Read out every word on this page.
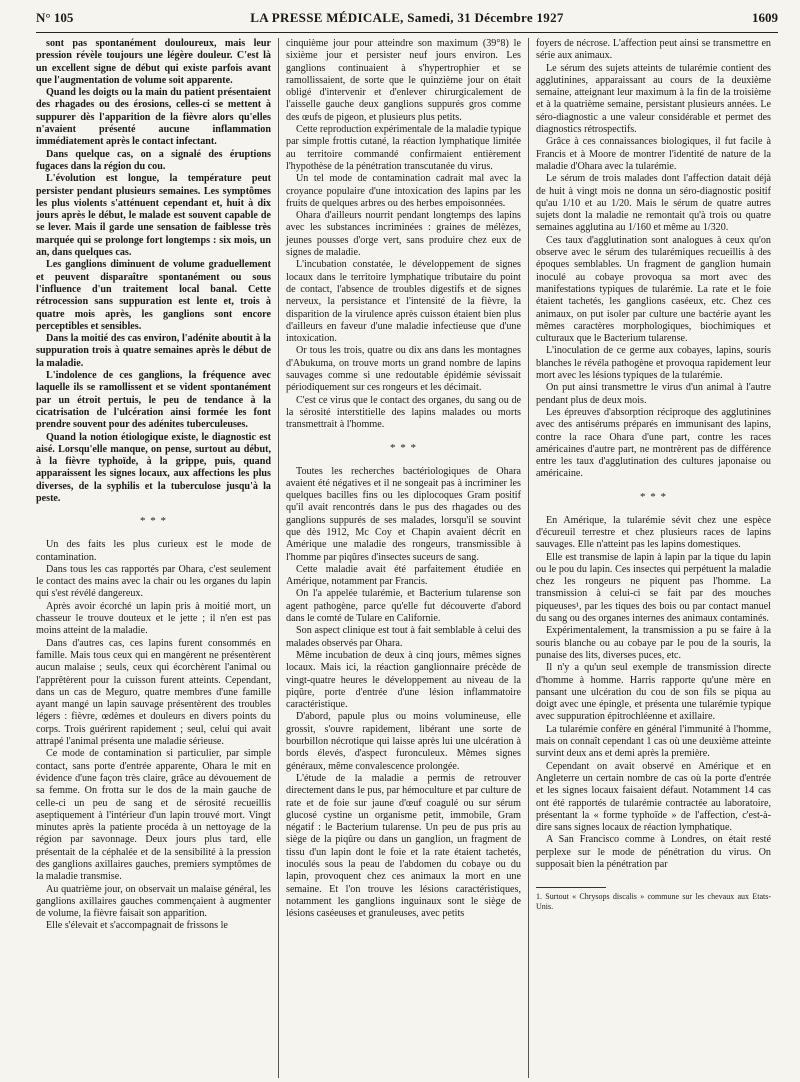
N° 105	LA PRESSE MÉDICALE, Samedi, 31 Décembre 1927	1609

sont pas spontanément douloureux, mais leur pression révèle toujours une légère douleur. C'est là un excellent signe de début qui existe parfois avant que l'augmentation de volume soit apparente.

Quand les doigts ou la main du patient présentaient des rhagades ou des érosions, celles-ci se mettent à suppurer dès l'apparition de la fièvre alors qu'elles n'avaient présenté aucune inflammation immédiatement après le contact infectant.

Dans quelque cas, on a signalé des éruptions fugaces dans la région du cou.

L'évolution est longue, la température peut persister pendant plusieurs semaines. Les symptômes les plus violents s'atténuent cependant et, huit à dix jours après le début, le malade est souvent capable de se lever. Mais il garde une sensation de faiblesse très marquée qui se prolonge fort longtemps : six mois, un an, dans quelques cas.

Les ganglions diminuent de volume graduellement et peuvent disparaître spontanément ou sous l'influence d'un traitement local banal. Cette rétrocession sans suppuration est lente et, trois à quatre mois après, les ganglions sont encore perceptibles et sensibles.

Dans la moitié des cas environ, l'adénite aboutit à la suppuration trois à quatre semaines après le début de la maladie.

L'indolence de ces ganglions, la fréquence avec laquelle ils se ramollissent et se vident spontanément par un étroit pertuis, le peu de tendance à la cicatrisation de l'ulcération ainsi formée les font prendre souvent pour des adénites tuberculeuses.

Quand la notion étiologique existe, le diagnostic est aisé. Lorsqu'elle manque, on pense, surtout au début, à la fièvre typhoïde, à la grippe, puis, quand apparaissent les signes locaux, aux affections les plus diverses, de la syphilis et la tuberculose jusqu'à la peste.

* * *

Un des faits les plus curieux est le mode de contamination.

Dans tous les cas rapportés par Ohara, c'est seulement le contact des mains avec la chair ou les organes du lapin qui s'est révélé dangereux.

Après avoir écorché un lapin pris à moitié mort, un chasseur le trouve douteux et le jette ; il n'en est pas moins atteint de la maladie.

Dans d'autres cas, ces lapins furent consommés en famille. Mais tous ceux qui en mangèrent ne présentèrent aucun malaise ; seuls, ceux qui écorchèrent l'animal ou l'apprêtèrent pour la cuisson furent atteints. Cependant, dans un cas de Meguro, quatre membres d'une famille ayant mangé un lapin sauvage présentèrent des troubles légers : fièvre, œdèmes et douleurs en divers points du corps. Trois guérirent rapidement ; seul, celui qui avait attrapé l'animal présenta une maladie sérieuse.

Ce mode de contamination si particulier, par simple contact, sans porte d'entrée apparente, Ohara le mit en évidence d'une façon très claire, grâce au dévouement de sa femme. On frotta sur le dos de la main gauche de celle-ci un peu de sang et de sérosité recueillis aseptiquement à l'intérieur d'un lapin trouvé mort. Vingt minutes après la patiente procéda à un nettoyage de la région par savonnage. Deux jours plus tard, elle présentait de la céphalée et de la sensibilité à la pression des ganglions axillaires gauches, premiers symptômes de la maladie transmise.

Au quatrième jour, on observait un malaise général, les ganglions axillaires gauches commençaient à augmenter de volume, la fièvre faisait son apparition.

Elle s'élevait et s'accompagnait de frissons le

cinquième jour pour atteindre son maximum (39°8) le sixième jour et persister neuf jours environ. Les ganglions continuaient à s'hypertrophier et se ramollissaient, de sorte que le quinzième jour on était obligé d'intervenir et d'enlever chirurgicalement de l'aisselle gauche deux ganglions suppurés gros comme des œufs de pigeon, et plusieurs plus petits.

Cette reproduction expérimentale de la maladie typique par simple frottis cutané, la réaction lymphatique limitée au territoire commandé confirmaient entièrement l'hypothèse de la pénétration transcutanée du virus.

Un tel mode de contamination cadrait mal avec la croyance populaire d'une intoxication des lapins par les fruits de quelques arbres ou des herbes empoisonnées.

Ohara d'ailleurs nourrit pendant longtemps des lapins avec les substances incriminées : graines de mélèzes, jeunes pousses d'orge vert, sans produire chez eux de signes de maladie.

L'incubation constatée, le développement de signes locaux dans le territoire lymphatique tributaire du point de contact, l'absence de troubles digestifs et de signes nerveux, la persistance et l'intensité de la fièvre, la disparition de la virulence après cuisson étaient bien plus d'ailleurs en faveur d'une maladie infectieuse que d'une intoxication.

Or tous les trois, quatre ou dix ans dans les montagnes d'Abukuma, on trouve morts un grand nombre de lapins sauvages comme si une redoutable épidémie sévissait périodiquement sur ces rongeurs et les décimait.

C'est ce virus que le contact des organes, du sang ou de la sérosité interstitielle des lapins malades ou morts transmettrait à l'homme.

* * *

Toutes les recherches bactériologiques de Ohara avaient été négatives et il ne songeait pas à incriminer les quelques bacilles fins ou les diplocoques Gram positif qu'il avait rencontrés dans le pus des rhagades ou des ganglions suppurés de ses malades, lorsqu'il se souvint que dès 1912, Mc Coy et Chapin avaient décrit en Amérique une maladie des rongeurs, transmissible à l'homme par piqûres d'insectes suceurs de sang.

Cette maladie avait été parfaitement étudiée en Amérique, notamment par Francis.

On l'a appelée tularémie, et Bacterium tularense son agent pathogène, parce qu'elle fut découverte d'abord dans le comté de Tulare en Californie.

Son aspect clinique est tout à fait semblable à celui des malades observés par Ohara.

Même incubation de deux à cinq jours, mêmes signes locaux. Mais ici, la réaction ganglionnaire précède de vingt-quatre heures le développement au niveau de la piqûre, porte d'entrée d'une lésion inflammatoire caractéristique.

D'abord, papule plus ou moins volumineuse, elle grossit, s'ouvre rapidement, libérant une sorte de bourbillon nécrotique qui laisse après lui une ulcération à bords élevés, d'aspect furonculeux. Mêmes signes généraux, même convalescence prolongée.

L'étude de la maladie a permis de retrouver directement dans le pus, par hémoculture et par culture de rate et de foie sur jaune d'œuf coagulé ou sur sérum glucosé cystine un organisme petit, immobile, Gram négatif : le Bacterium tularense. Un peu de pus pris au siège de la piqûre ou dans un ganglion, un fragment de tissu d'un lapin dont le foie et la rate étaient tachetés, inoculés sous la peau de l'abdomen du cobaye ou du lapin, provoquent chez ces animaux la mort en une semaine. Et l'on trouve les lésions caractéristiques, notamment les ganglions inguinaux sont le siège de lésions caséeuses et granuleuses, avec petits

foyers de nécrose. L'affection peut ainsi se transmettre en série aux animaux.

Le sérum des sujets atteints de tularémie contient des agglutinines, apparaissant au cours de la deuxième semaine, atteignant leur maximum à la fin de la troisième et à la quatrième semaine, persistant plusieurs années. Le séro-diagnostic a une valeur considérable et permet des diagnostics rétrospectifs.

Grâce à ces connaissances biologiques, il fut facile à Francis et à Moore de montrer l'identité de nature de la maladie d'Ohara avec la tularémie.

Le sérum de trois malades dont l'affection datait déjà de huit à vingt mois ne donna un séro-diagnostic positif qu'au 1/10 et au 1/20. Mais le sérum de quatre autres sujets dont la maladie ne remontait qu'à trois ou quatre semaines agglutina au 1/160 et même au 1/320.

Ces taux d'agglutination sont analogues à ceux qu'on observe avec le sérum des tularémiques recueillis à des époques semblables. Un fragment de ganglion humain inoculé au cobaye provoqua sa mort avec des manifestations typiques de tularémie. La rate et le foie étaient tachetés, les ganglions caséeux, etc. Chez ces animaux, on put isoler par culture une bactérie ayant les mêmes caractères morphologiques, biochimiques et culturaux que le Bacterium tularense.

L'inoculation de ce germe aux cobayes, lapins, souris blanches le révéla pathogène et provoqua rapidement leur mort avec les lésions typiques de la tularémie.

On put ainsi transmettre le virus d'un animal à l'autre pendant plus de deux mois.

Les épreuves d'absorption réciproque des agglutinines avec des antisérums préparés en immunisant des lapins, contre la race Ohara d'une part, contre les races américaines d'autre part, ne montrèrent pas de différence entre les taux d'agglutination des cultures japonaise ou américaine.

* * *

En Amérique, la tularémie sévit chez une espèce d'écureuil terrestre et chez plusieurs races de lapins sauvages. Elle n'atteint pas les lapins domestiques.

Elle est transmise de lapin à lapin par la tique du lapin ou le pou du lapin. Ces insectes qui perpétuent la maladie chez les rongeurs ne piquent pas l'homme. La transmission à celui-ci se fait par des mouches piqueuses¹, par les tiques des bois ou par contact manuel du sang ou des organes internes des animaux contaminés.

Expérimentalement, la transmission a pu se faire à la souris blanche ou au cobaye par le pou de la souris, la punaise des lits, diverses puces, etc.

Il n'y a qu'un seul exemple de transmission directe d'homme à homme. Harris rapporte qu'une mère en pansant une ulcération du cou de son fils se piqua au doigt avec une épingle, et présenta une tularémie typique avec suppuration épitrochléenne et axillaire.

La tularémie confère en général l'immunité à l'homme, mais on connaît cependant 1 cas où une deuxième atteinte survint deux ans et demi après la première.

Cependant on avait observé en Amérique et en Angleterre un certain nombre de cas où la porte d'entrée et les signes locaux faisaient défaut. Notamment 14 cas ont été rapportés de tularémie contractée au laboratoire, présentant la « forme typhoïde » de l'affection, c'est-à-dire sans signes locaux de réaction lymphatique.

A San Francisco comme à Londres, on était resté perplexe sur le mode de pénétration du virus. On supposait bien la pénétration par

1. Surtout « Chrysops discalis » commune sur les chevaux aux Etats-Unis.
